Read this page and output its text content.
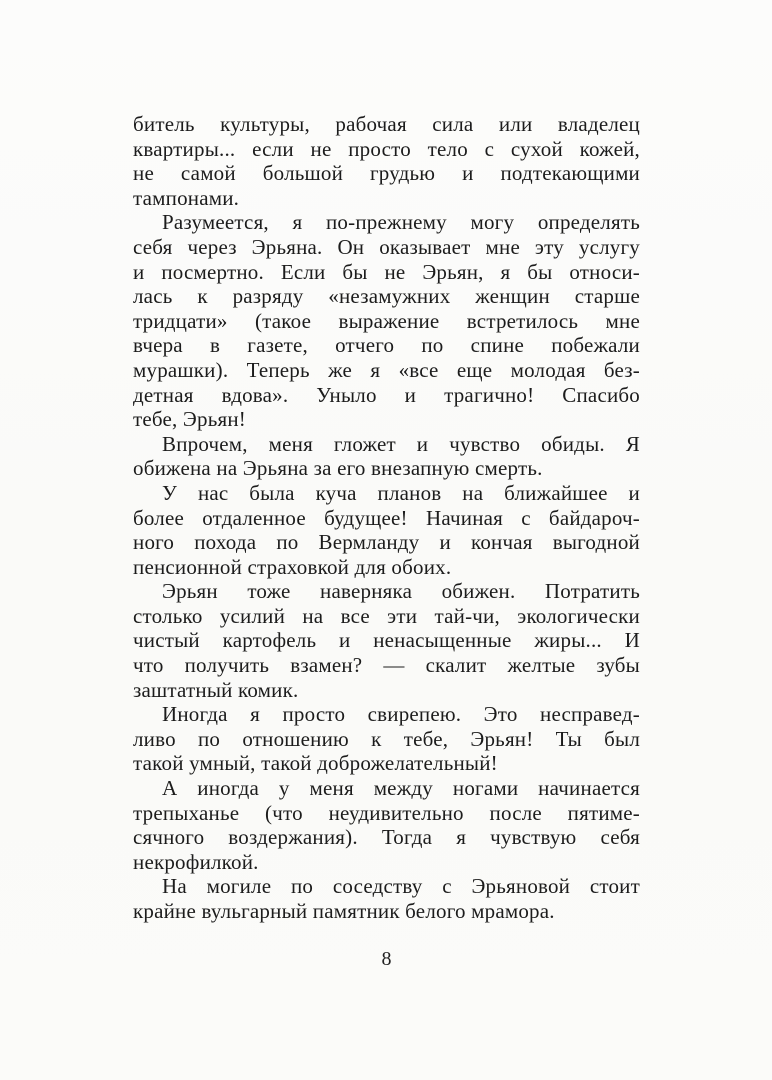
битель культуры, рабочая сила или владелец
квартиры... если не просто тело с сухой кожей,
не самой большой грудью и подтекающими
тампонами.
Разумеется, я по-прежнему могу определять
себя через Эрьяна. Он оказывает мне эту услугу
и посмертно. Если бы не Эрьян, я бы относи-
лась к разряду «незамужних женщин старше
тридцати» (такое выражение встретилось мне
вчера в газете, отчего по спине побежали
мурашки). Теперь же я «все еще молодая без-
детная вдова». Уныло и трагично! Спасибо
тебе, Эрьян!
Впрочем, меня гложет и чувство обиды. Я
обижена на Эрьяна за его внезапную смерть.
У нас была куча планов на ближайшее и
более отдаленное будущее! Начиная с байдароч-
ного похода по Вермланду и кончая выгодной
пенсионной страховкой для обоих.
Эрьян тоже наверняка обижен. Потратить
столько усилий на все эти тай-чи, экологически
чистый картофель и ненасыщенные жиры... И
что получить взамен? — скалит желтые зубы
заштатный комик.
Иногда я просто свирепею. Это несправед-
ливо по отношению к тебе, Эрьян! Ты был
такой умный, такой доброжелательный!
А иногда у меня между ногами начинается
трепыханье (что неудивительно после пятиме-
сячного воздержания). Тогда я чувствую себя
некрофилкой.
На могиле по соседству с Эрьяновой стоит
крайне вульгарный памятник белого мрамора.
8
